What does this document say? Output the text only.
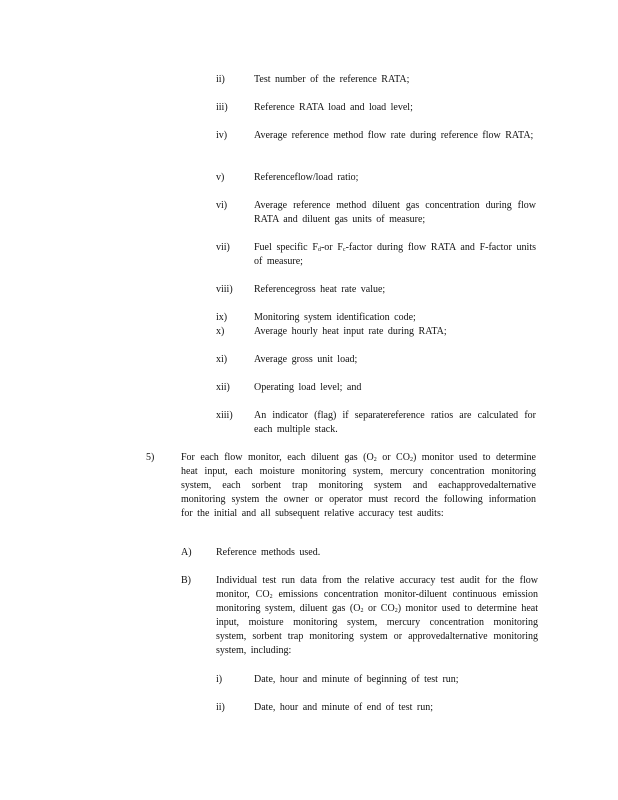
ii)	Test number of the reference RATA;
iii)	Reference RATA load and load level;
iv)	Average reference method flow rate during reference flow RATA;
v)	Referenceflow/load ratio;
vi)	Average reference method diluent gas concentration during flow RATA and diluent gas units of measure;
vii) Fuel specific $F_d-or$ $F_c$-factor during flow RATA and F-factor units of measure;
viii) Referencegross heat rate value;
ix)	Monitoring system identification code;
x)	Average hourly heat input rate during RATA;
xi)	Average gross unit load;
xii) Operating load level; and
xiii) An indicator (flag) if separatereference ratios are calculated for each multiple stack.
5)	For each flow monitor, each diluent gas ($O_2$ or $CO_2$) monitor used to determine heat input, each moisture monitoring system, mercury concentration monitoring system, each sorbent trap monitoring system and eachapprovedalternative monitoring system the owner or operator must record the following information for the initial and all subsequent relative accuracy test audits:
A) Reference methods used.
B)	Individual test run data from the relative accuracy test audit for the flow monitor, $CO_2$ emissions concentration monitor-diluent continuous emission monitoring system, diluent gas ($O_2$ or $CO_2$) monitor used to determine heat input, moisture monitoring system, mercury concentration monitoring system, sorbent trap monitoring system or approvedalternative monitoring system, including:
i)	Date, hour and minute of beginning of test run;
ii)	Date, hour and minute of end of test run;
